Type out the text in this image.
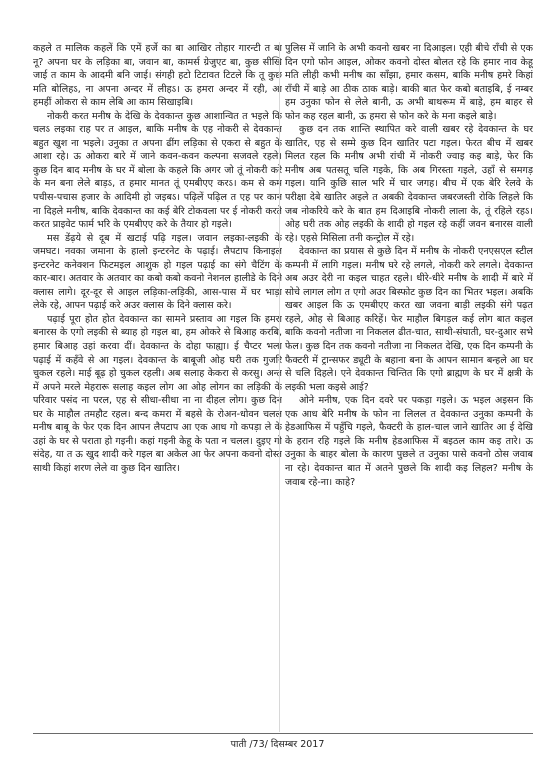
कहले त मालिक कहलें कि एमें हर्जे का बा आखिर तोहार गारन्टी त बा नू? अपना घर के लड़िका बा, जवान बा, कामर्स ग्रेजुएट बा, कुछ सीखि जाई त काम के आदमी बनि जाई। संगही हटो टिटावत टिटले कि तू कुछ मति बोलिहऽ, ना अपना अन्दर में लीहऽ। ऊ हमरा अन्दर में रही, आ हमहीं ओकरा से काम लेबि आ काम सिखाइबि।

नोकरी करत मनीष के देखि के देवकान्त कुछ आशान्वित त भइले कि चलऽ लइका राह पर त आइल, बाकि मनीष के एह नोकरी से देवकान्त बहुत खुश ना भइले। उनुका त अपना ढींग लड़िका से एकरा से बहुत के आशा रहे। ऊ ओकरा बारे में जाने कवन-कवन कल्पना सजवले रहले। कुछ दिन बाद मनीष के घर में बोला के कहले कि अगर जो तूं नोकरी करे के मन बना लेले बाड़ऽ, त हमार मानत तूं एमबीएए करऽ। कम से कम पचीस-पचास हजार के आदिमी हो जइबऽ। पढ़िलें पढ़िल त एह पर कान ना दिहले मनीष, बाकि देवकान्त का कई बेरि टोकवला पर ई नोकरी करते करत प्राइवेट फार्म भरि के एमबीएए करे के तैयार हो गइले।

मस डेंढ़ये से दूब में खटाई पढ़ि गइल। जवान लइका-लइकी के जमघट। नवका जमाना के हालो इन्टरनेट के पढ़ाई। लैपटाप किनाइल इन्टरनेट कनेक्शन फिटमइल आशुक हो गइल पढ़ाई का संगे चैटिंग के कार-बार। अतवार के अतवार का कबो कबो कवनो नेशनल हालीडे के दिने क्लास लागे। दूर-दूर से आइल लड़िका-लड़िकी, आस-पास में घर भाड़ा लेके रहे, आपन पढ़ाई करे अउर क्लास के दिने क्लास करे।

पढ़ाई पूरा होत होत देवकान्त का सामने प्रस्ताव आ गइल कि हमरा बनारस के एगो लइकी से ब्याह हो गइल बा, हम ओकरे से बिआह करबि, हमार बिआह उहां करवा दीं। देवकान्त के दोहा फाह्या। ई चैप्टर भला पढ़ाई में कहँवे से आ गइल। देवकान्त के बाबूजी ओह घरी तक गुजरि चुकल रहले। माई बूढ़ हो चुकल रहली। अब सलाह केकरा से करसु। अन्त में अपने मरले मेहरारू सलाह कइल लोग आ ओह लोगन का लड़िकी के परिवार पसंद ना परल, एह से सीधा-सीधा ना ना दीहल लोग। कुछ दिन घर के माहौल तमहौट रहल। बन्द कमरा में बहसे के रोअन-धोवन चलल मनीष बाबू के फेर एक दिन आपन लैपटाप आ एक आध गो कपड़ा ले के उहां के घर से पराता हो गइनी। कहां गइनी केहू के पता न चलल। दुइए गो संदेह, या त ऊ खुद शादी करे गइल बा अकेल आ फेर अपना कवनो दोस्त साथी किहां शरण लेले वा कुछ दिन खातिर।

पुलिस में जानि के अभी कवनो खबर ना दिआइल। एही बीचे राँची से एक दिन एगो फोन आइल, ओकर कवनो दोस्त बोलत रहे कि हमार नाव केहू मति लीही कभी मनीष का साँझा, हमार कसम, बाकि मनीष हमरे किहां राँची में बाड़े आ ठीक ठाक बाड़े। बाकी बात फेर कबो बताइबि, ई नम्बर हम उनुका फोन से लेले बानी, ऊ अभी बाथरूम में बाड़े, हम बाहर से फोन कह रहल बानी, ऊ हमरा से फोन करे के मना कइले बाड़े।

कुछ दन तक शान्ति स्थापित करे वाली खबर रहे देवकान्त के घर खातिर, एह से सम्मे कुछ दिन खातिर पटा गइल। फेरत बीच में खबर मिलत रहल कि मनीष अभी रांची में नोकरी ज्वाइ कइ बाड़े, फेर कि मनीष अब पतसतू चलि गइके, कि अब गिरस्ता गइले, उहाँ से समगड़ गइल। यानि कुछि साल भरि में चार जगह। बीच में एक बेरि रेलवे के परीक्षा देबे खातिर अइले त अबकी देवकान्त जबरजस्ती रोकि लिहले कि जब नोकरिये करे के बात हम दिआइबि नोकरी लाला के, तूं रहिले रहऽ। ओह घरी तक ओह लइकी के शादी हो गइल रहे कहीं जवन बनारस वाली रहे। एहसे मिसिला तनी कन्ट्रोल में रहे।

देवकान्त का प्रयास से कुछे दिन में मनीष के नोकरी एनएसएल स्टील कम्पनी में लागि गइल। मनीष घरे रहे लगले, नोकरी करे लगले। देवकान्त अब अउर देरी ना कइल चाहत रहले। धीरे-धीरे मनीष के शादी में बारे में सोचे लागल लोग त एगो अउर बिस्फोट कुछ दिन का भितर भइल। अबकि खबर आइल कि ऊ एमबीएए करत खा जवना बाड़ी लइकी संगे पढ़त रहले, ओह से बिआह करिहें। फेर माहौल बिगड़ल कई लोग बात कइल बाकि कवनो नतीजा ना निकलल ढीत-चात, साथी-संघाती, घर-दुआर सभे फेल। कुछ दिन तक कवनो नतीजा ना निकलत देखि, एक दिन कम्पनी के फैक्टरी में ट्रान्सफर ड्यूटी के बहाना बना के आपन सामान बन्हले आ घर से चलि दिहले। एने देवकान्त चिन्तित कि एगो ब्राह्मण के घर में क्षत्री के लइकी भला कइसे आई?

ओने मनीष, एक दिन दवरे पर पकड़ा गइले। ऊ भइल अइसन कि एक आध बेरि मनीष के फोन ना लिलल त देवकान्त उनुका कम्पनी के हेडआफिस में पहुँचि गइले, फैक्टरी के हाल-चाल जाने खातिर आ ई देखि के हरान रहि गइले कि मनीष हेडआफिस में बइठल काम कइ तारे। ऊ उनुका के बाहर बोला के कारण पुछले त उनुका पासे कवनो ठोस जवाब ना रहे। देवकान्त बात में अतने पुछले कि शादी कइ लिहल? मनीष के जवाब रहे-ना। काहे?

पाती /73/ दिसम्बर 2017
